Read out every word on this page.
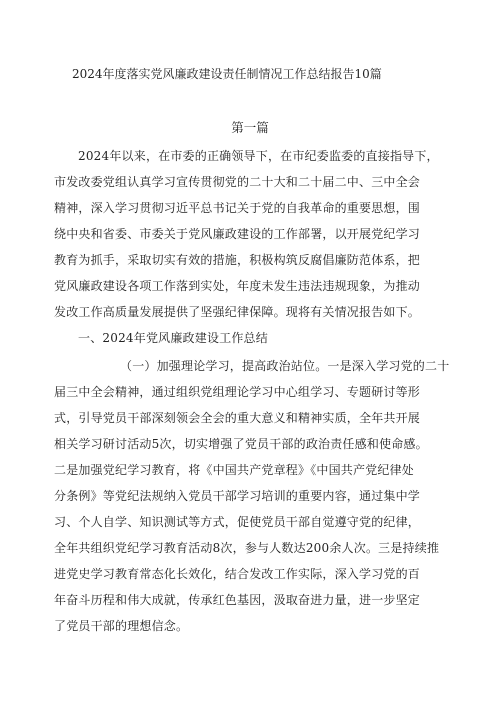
2024年度落实党风廉政建设责任制情况工作总结报告10篇
第一篇
2024年以来，在市委的正确领导下，在市纪委监委的直接指导下，
市发改委党组认真学习宣传贯彻党的二十大和二十届二中、三中全会
精神，深入学习贯彻习近平总书记关于党的自我革命的重要思想，围
绕中央和省委、市委关于党风廉政建设的工作部署，以开展党纪学习
教育为抓手，采取切实有效的措施，积极构筑反腐倡廉防范体系，把
党风廉政建设各项工作落到实处，年度未发生违法违规现象，为推动
发改工作高质量发展提供了坚强纪律保障。现将有关情况报告如下。
一、2024年党风廉政建设工作总结
（一）加强理论学习，提高政治站位。一是深入学习党的二十
届三中全会精神，通过组织党组理论学习中心组学习、专题研讨等形
式，引导党员干部深刻领会全会的重大意义和精神实质，全年共开展
相关学习研讨活动5次，切实增强了党员干部的政治责任感和使命感。
二是加强党纪学习教育，将《中国共产党章程》《中国共产党纪律处
分条例》等党纪法规纳入党员干部学习培训的重要内容，通过集中学
习、个人自学、知识测试等方式，促使党员干部自觉遵守党的纪律，
全年共组织党纪学习教育活动8次，参与人数达200余人次。三是持续推
进党史学习教育常态化长效化，结合发改工作实际，深入学习党的百
年奋斗历程和伟大成就，传承红色基因，汲取奋进力量，进一步坚定
了党员干部的理想信念。
